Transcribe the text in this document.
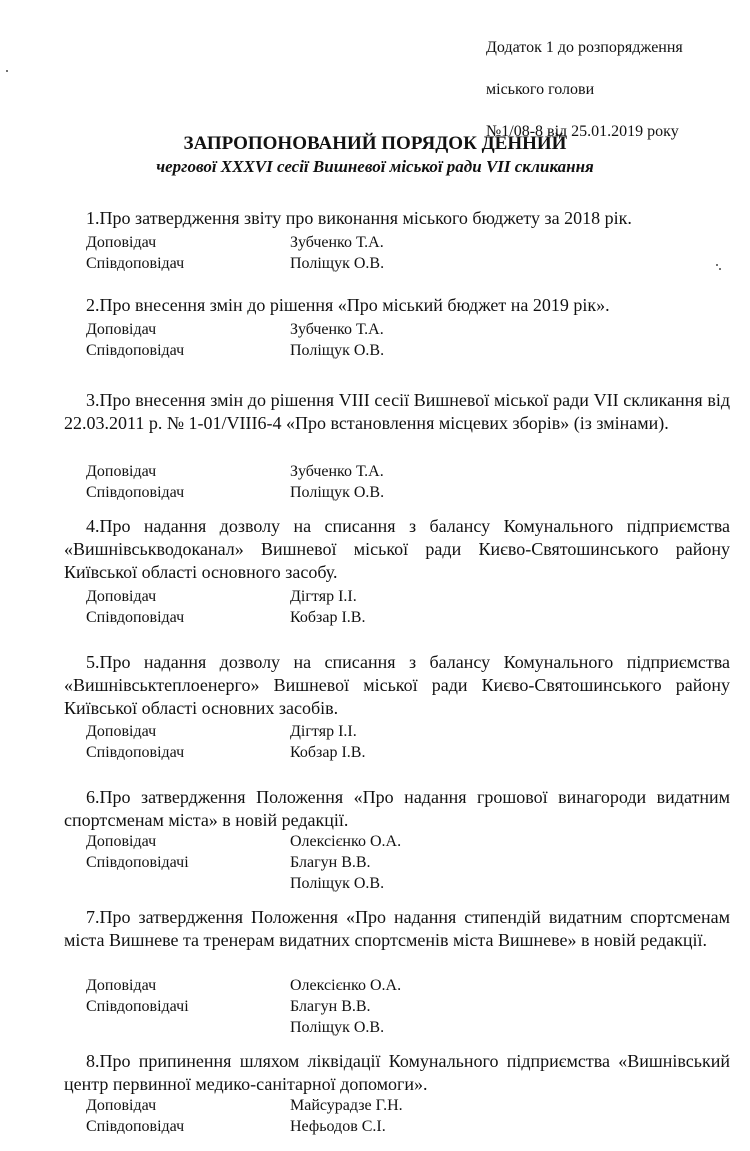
Додаток 1 до розпорядження

міського голови

№1/08-8 від 25.01.2019 року

ЗАПРОПОНОВАНИЙ ПОРЯДОК ДЕННИЙ
чергової XXXVI сесії Вишневої міської ради VII скликання
1.Про затвердження звіту про виконання міського бюджету за 2018 рік.
Доповідач	Зубченко Т.А.
Співдоповідач	Поліщук О.В.
2.Про внесення змін до рішення «Про міський бюджет на 2019 рік».
Доповідач	Зубченко Т.А.
Співдоповідач	Поліщук О.В.
3.Про внесення змін до рішення VIII сесії Вишневої міської ради VII скликання від 22.03.2011 р. № 1-01/VIII6-4 «Про встановлення місцевих зборів» (із змінами).
Доповідач	Зубченко Т.А.
Співдоповідач	Поліщук О.В.
4.Про надання дозволу на списання з балансу Комунального підприємства «Вишнівськводоканал» Вишневої міської ради Києво-Святошинського району Київської області основного засобу.
Доповідач	Дігтяр І.І.
Співдоповідач	Кобзар І.В.
5.Про надання дозволу на списання з балансу Комунального підприємства «Вишнівськтеплоенерго» Вишневої міської ради Києво-Святошинського району Київської області основних засобів.
Доповідач	Дігтяр І.І.
Співдоповідач	Кобзар І.В.
6.Про затвердження Положення «Про надання грошової винагороди видатним спортсменам міста» в новій редакції.
Доповідач	Олексієнко О.А.
Співдоповідачі	Благун В.В.
Поліщук О.В.
7.Про затвердження Положення «Про надання стипендій видатним спортсменам міста Вишневе та тренерам видатних спортсменів міста Вишневе» в новій редакції.
Доповідач	Олексієнко О.А.
Співдоповідачі	Благун В.В.
Поліщук О.В.
8.Про припинення шляхом ліквідації Комунального підприємства «Вишнівський центр первинної медико-санітарної допомоги».
Доповідач	Майсурадзе Г.Н.
Співдоповідач	Нефьодов С.І.
